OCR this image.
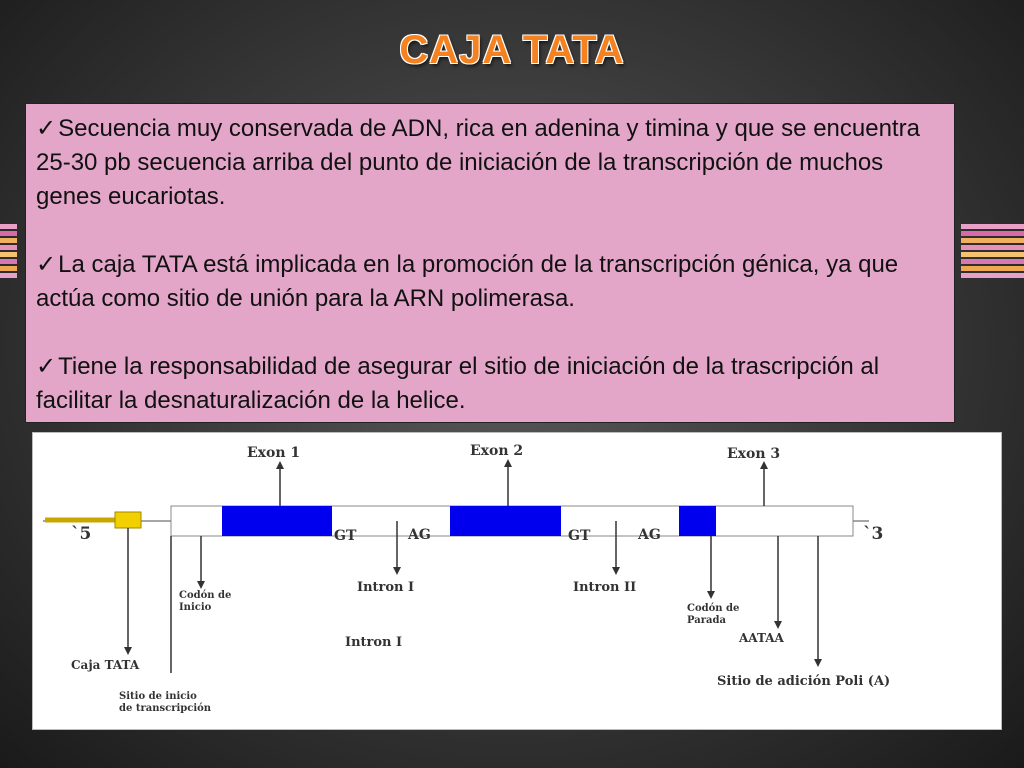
CAJA TATA
✓Secuencia muy conservada de ADN, rica en adenina y timina y que se encuentra 25-30 pb secuencia arriba del punto de iniciación de la transcripción de muchos genes eucariotas.
✓La caja TATA está implicada en la promoción de la transcripción génica, ya que actúa como sitio de unión para la ARN polimerasa.
✓Tiene la responsabilidad de asegurar el sitio de iniciación de la trascripción al facilitar la desnaturalización de la helice.
`5	`3
Exon 1	Exon 2	Exon 3
GT	AG	GT	AG
Intron I	Intron II
Intron I
Codón de Inicio	Codón de Parada
AATAA
Caja TATA
Sitio de inicio de transcripción
Sitio de adición Poli (A)
